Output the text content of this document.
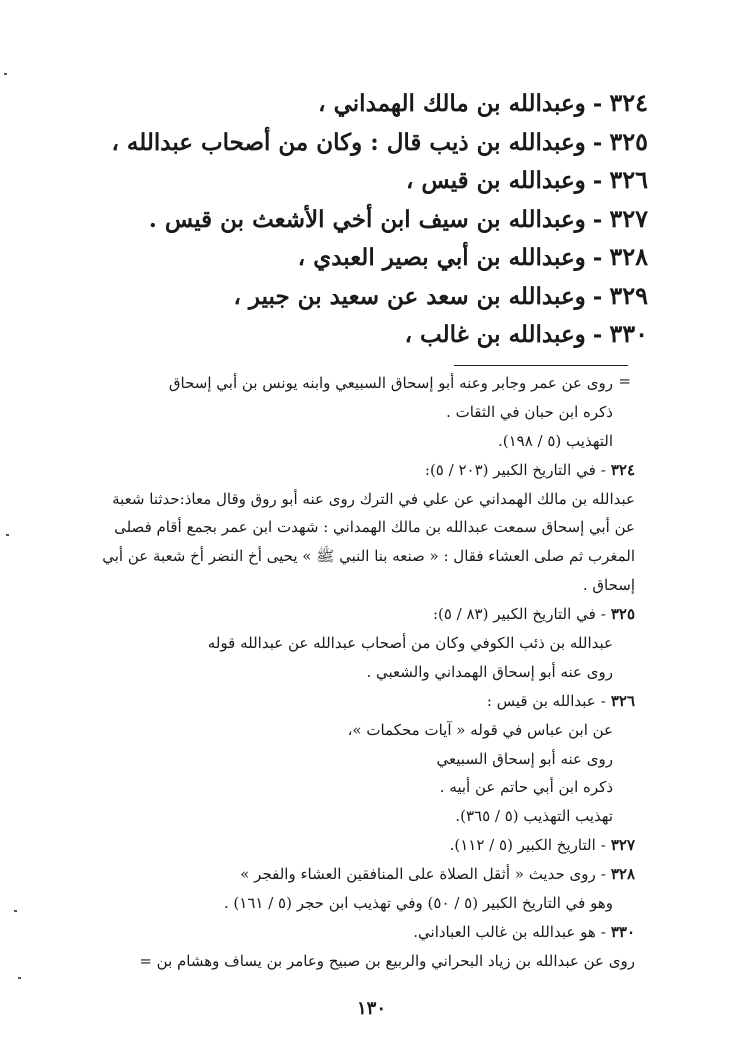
٣٢٤
-
وعبدالله بن مالك الهمداني ،
٣٢٥
-
وعبدالله بن ذيب قال : وكان من أصحاب عبدالله ،
٣٢٦
-
وعبدالله بن قيس ،
٣٢٧
-
وعبدالله بن سيف ابن أخي الأشعث بن قيس .
٣٢٨
-
وعبدالله بن أبي بصير العبدي ،
٣٢٩
-
وعبدالله بن سعد عن سعيد بن جبير ،
٣٣٠
-
وعبدالله بن غالب ،
روى عن عمر وجابر وعنه أبو إسحاق السبيعي وابنه يونس بن أبي إسحاق
ذكره ابن حبان في الثقات .
التهذيب (٥ / ١٩٨).
٣٢٤-في التاريخ الكبير (٢٠٣ / ٥):
عبدالله بن مالك الهمداني عن علي في الترك روى عنه أبو روق وقال معاذ:حدثنا شعبة
عن أبي إسحاق سمعت عبدالله بن مالك الهمداني : شهدت ابن عمر بجمع أقام فصلى
المغرب ثم صلى العشاء فقال : « صنعه بنا النبي ﷺ » يحيى أخ النضر أخ شعبة عن أبي
إسحاق .
٣٢٥-في التاريخ الكبير (٨٣ / ٥):
عبدالله بن ذئب الكوفي وكان من أصحاب عبدالله عن عبدالله قوله
روى عنه أبو إسحاق الهمداني والشعبي .
٣٢٦-عبدالله بن قيس :
عن ابن عباس في قوله « آيات محكمات »،
روى عنه أبو إسحاق السبيعي
ذكره ابن أبي حاتم عن أبيه .
تهذيب التهذيب (٥ / ٣٦٥).
٣٢٧-التاريخ الكبير (٥ / ١١٢).
٣٢٨-روى حديث « أثقل الصلاة على المنافقين العشاء والفجر »
وهو في التاريخ الكبير (٥ / ٥٠) وفي تهذيب ابن حجر (٥ / ١٦١) .
٣٣٠-هو عبدالله بن غالب العباداني.
روى عن عبدالله بن زياد البحراني والربيع بن صبيح وعامر بن يساف وهشام بن =
=
١٣٠
